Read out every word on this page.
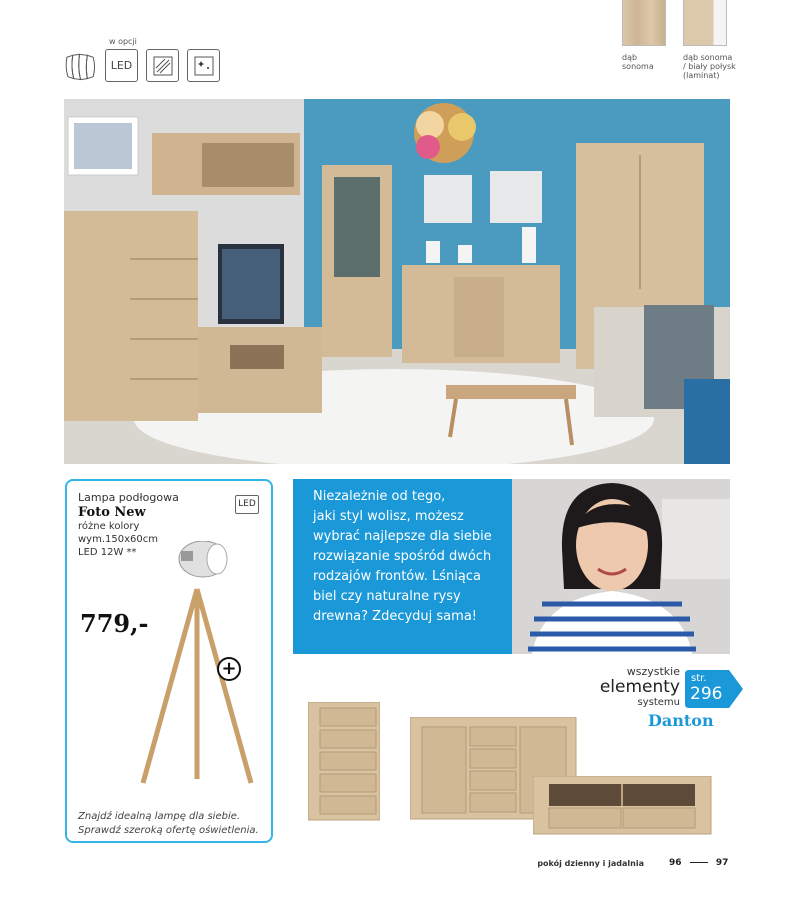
w opcji
LED
dąb
sonoma
dąb sonoma
/ biały połysk
(laminat)
Lampa podłogowa
Foto New
różne kolory
wym.150x60cm
LED 12W **
LED
779,-
+
Znajdź idealną lampę dla siebie.
Sprawdź szeroką ofertę oświetlenia.
Niezależnie od tego,
jaki styl wolisz, możesz
wybrać najlepsze dla siebie
rozwiązanie spośród dwóch
rodzajów frontów. Lśniąca
biel czy naturalne rysy
drewna? Zdecyduj sama!
wszystkie
elementy
systemu
str.
296
Danton
pokój dzienny i jadalnia	96	97
